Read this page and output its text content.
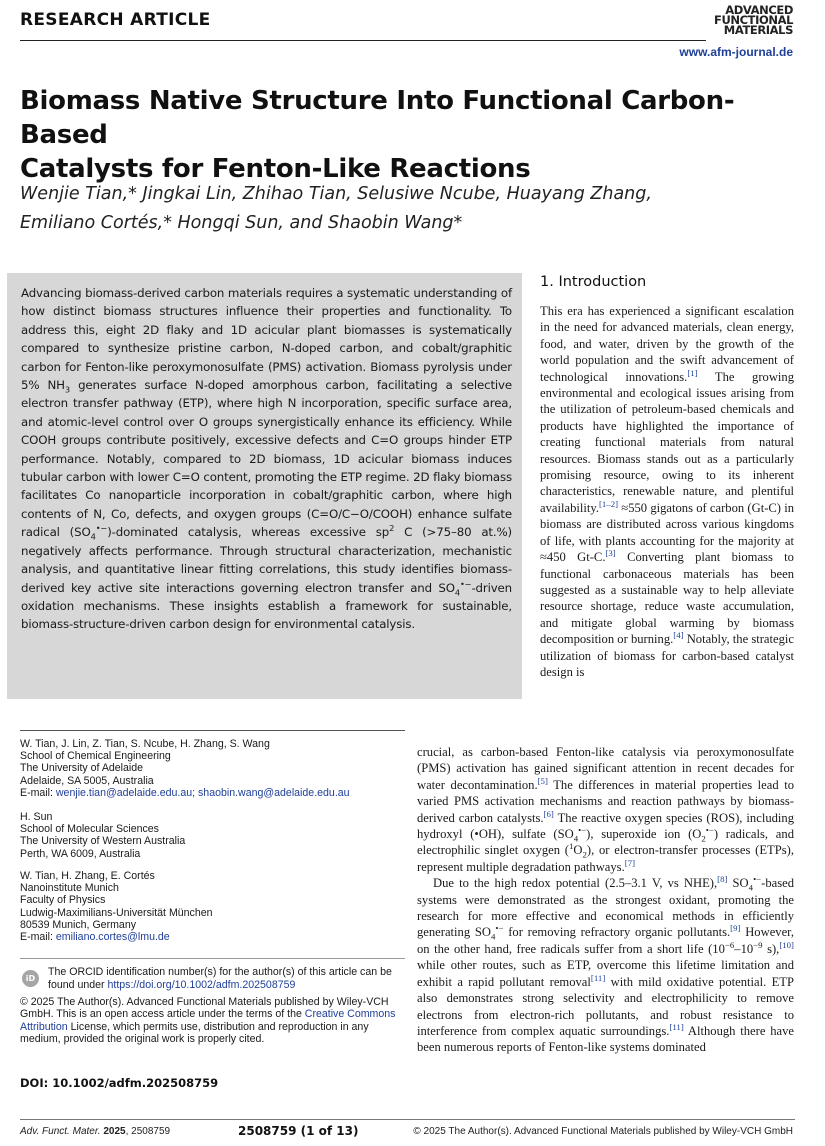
RESEARCH ARTICLE	ADVANCED
FUNCTIONAL
MATERIALS
www.afm-journal.de
Biomass Native Structure Into Functional Carbon-Based
Catalysts for Fenton-Like Reactions
Wenjie Tian,* Jingkai Lin, Zhihao Tian, Selusiwe Ncube, Huayang Zhang,
Emiliano Cortés,* Hongqi Sun, and Shaobin Wang*

Advancing biomass-derived carbon materials requires a systematic understanding of how distinct biomass structures influence their properties and functionality. To address this, eight 2D flaky and 1D acicular plant biomasses is systematically compared to synthesize pristine carbon, N-doped carbon, and cobalt/graphitic carbon for Fenton-like peroxymonosulfate (PMS) activation. Biomass pyrolysis under 5% $NH_3$ generates surface N-doped amorphous carbon, facilitating a selective electron transfer pathway (ETP), where high N incorporation, specific surface area, and atomic-level control over O groups synergistically enhance its efficiency. While COOH groups contribute positively, excessive defects and C=O groups hinder ETP performance. Notably, compared to 2D biomass, 1D acicular biomass induces tubular carbon with lower C=O content, promoting the ETP regime. 2D flaky biomass facilitates Co nanoparticle incorporation in cobalt/graphitic carbon, where high contents of N, Co, defects, and oxygen groups (C=O/C−O/COOH) enhance sulfate radical $(SO_4^{•-})$-dominated catalysis, whereas excessive $sp^2$ C (>75–80 at.%) negatively affects performance. Through structural characterization, mechanistic analysis, and quantitative linear fitting correlations, this study identifies biomass-derived key active site interactions governing electron transfer and $SO_4^{•-}$-driven oxidation mechanisms. These insights establish a framework for sustainable, biomass-structure-driven carbon design for environmental catalysis.

1. Introduction

This era has experienced a significant escalation in the need for advanced materials, clean energy, food, and water, driven by the growth of the world population and the swift advancement of technological innovations.[1] The growing environmental and ecological issues arising from the utilization of petroleum-based chemicals and products have highlighted the importance of creating functional materials from natural resources. Biomass stands out as a particularly promising resource, owing to its inherent characteristics, renewable nature, and plentiful availability.[1–2] ≈550 gigatons of carbon (Gt-C) in biomass are distributed across various kingdoms of life, with plants accounting for the majority at ≈450 Gt-C.[3] Converting plant biomass to functional carbonaceous materials has been suggested as a sustainable way to help alleviate resource shortage, reduce waste accumulation, and mitigate global warming by biomass decomposition or burning.[4] Notably, the strategic utilization of biomass for carbon-based catalyst design is

crucial, as carbon-based Fenton-like catalysis via peroxymonosulfate (PMS) activation has gained significant attention in recent decades for water decontamination.[5] The differences in material properties lead to varied PMS activation mechanisms and reaction pathways by biomass-derived carbon catalysts.[6] The reactive oxygen species (ROS), including hydroxyl (•OH), sulfate $(SO_4^{•-})$, superoxide ion $(O_2^{•-})$ radicals, and electrophilic singlet oxygen $(^1O_2)$, or electron-transfer processes (ETPs), represent multiple degradation pathways.[7]

Due to the high redox potential (2.5–3.1 V, vs NHE),[8] $SO_4^{•-}$-based systems were demonstrated as the strongest oxidant, promoting the research for more effective and economical methods in efficiently generating $SO_4^{•-}$ for removing refractory organic pollutants.[9] However, on the other hand, free radicals suffer from a short life ($10^{-6}-10^{-9}$ s),[10] while other routes, such as ETP, overcome this lifetime limitation and exhibit a rapid pollutant removal[11] with mild oxidative potential. ETP also demonstrates strong selectivity and electrophilicity to remove electrons from electron-rich pollutants, and robust resistance to interference from complex aquatic surroundings.[11] Although there have been numerous reports of Fenton-like systems dominated

W. Tian, J. Lin, Z. Tian, S. Ncube, H. Zhang, S. Wang
School of Chemical Engineering
The University of Adelaide
Adelaide, SA 5005, Australia
E-mail: wenjie.tian@adelaide.edu.au; shaobin.wang@adelaide.edu.au
H. Sun
School of Molecular Sciences
The University of Western Australia
Perth, WA 6009, Australia
W. Tian, H. Zhang, E. Cortés
Nanoinstitute Munich
Faculty of Physics
Ludwig-Maximilians-Universität München
80539 Munich, Germany
E-mail: emiliano.cortes@lmu.de
iD
The ORCID identification number(s) for the author(s) of this article can be found under https://doi.org/10.1002/adfm.202508759
© 2025 The Author(s). Advanced Functional Materials published by Wiley-VCH GmbH. This is an open access article under the terms of the Creative Commons Attribution License, which permits use, distribution and reproduction in any medium, provided the original work is properly cited.
DOI: 10.1002/adfm.202508759
Adv. Funct. Mater. 2025, 2508759	2508759 (1 of 13)	© 2025 The Author(s). Advanced Functional Materials published by Wiley-VCH GmbH
